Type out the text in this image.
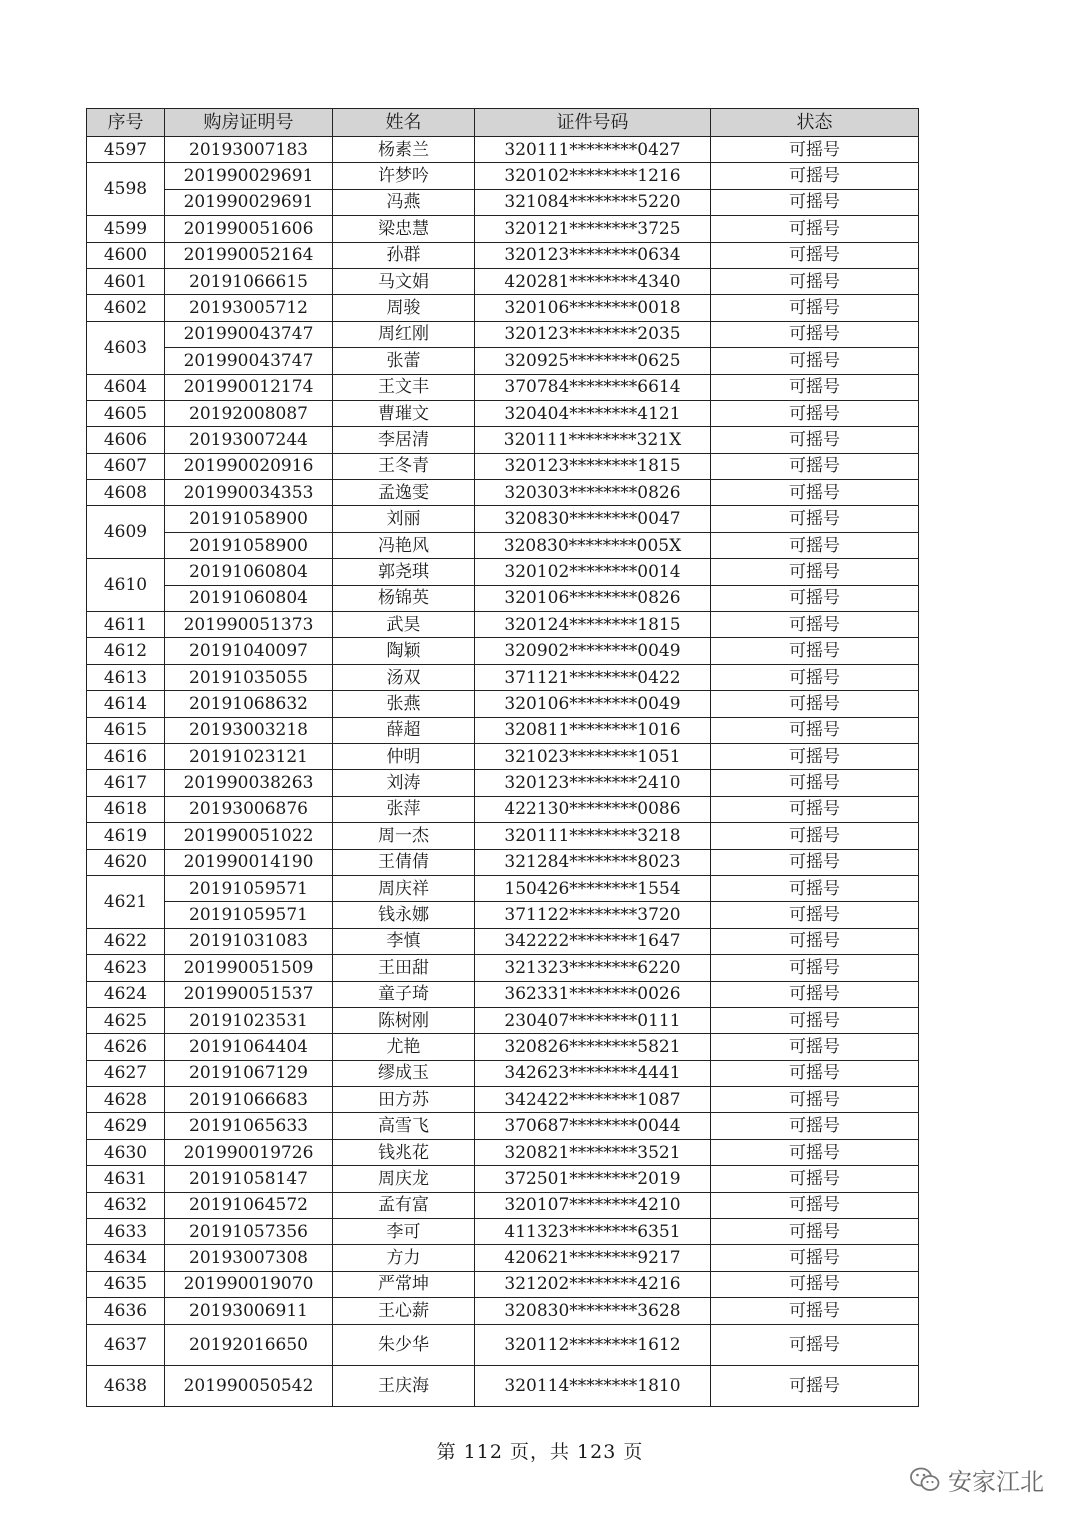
序号	购房证明号	姓名	证件号码	状态
4597	20193007183	杨素兰	320111********0427	可摇号
4598	201990029691	许梦吟	320102********1216	可摇号
	201990029691	冯燕	321084********5220	可摇号
4599	201990051606	梁忠慧	320121********3725	可摇号
4600	201990052164	孙群	320123********0634	可摇号
4601	20191066615	马文娟	420281********4340	可摇号
4602	20193005712	周骏	320106********0018	可摇号
4603	201990043747	周红刚	320123********2035	可摇号
	201990043747	张蕾	320925********0625	可摇号
4604	201990012174	王文丰	370784********6614	可摇号
4605	20192008087	曹璀文	320404********4121	可摇号
4606	20193007244	李居清	320111********321X	可摇号
4607	201990020916	王冬青	320123********1815	可摇号
4608	201990034353	孟逸雯	320303********0826	可摇号
4609	20191058900	刘丽	320830********0047	可摇号
	20191058900	冯艳风	320830********005X	可摇号
4610	20191060804	郭尧琪	320102********0014	可摇号
	20191060804	杨锦英	320106********0826	可摇号
4611	201990051373	武昊	320124********1815	可摇号
4612	20191040097	陶颖	320902********0049	可摇号
4613	20191035055	汤双	371121********0422	可摇号
4614	20191068632	张燕	320106********0049	可摇号
4615	20193003218	薛超	320811********1016	可摇号
4616	20191023121	仲明	321023********1051	可摇号
4617	201990038263	刘涛	320123********2410	可摇号
4618	20193006876	张萍	422130********0086	可摇号
4619	201990051022	周一杰	320111********3218	可摇号
4620	201990014190	王倩倩	321284********8023	可摇号
4621	20191059571	周庆祥	150426********1554	可摇号
	20191059571	钱永娜	371122********3720	可摇号
4622	20191031083	李慎	342222********1647	可摇号
4623	201990051509	王田甜	321323********6220	可摇号
4624	201990051537	童子琦	362331********0026	可摇号
4625	20191023531	陈树刚	230407********0111	可摇号
4626	20191064404	尤艳	320826********5821	可摇号
4627	20191067129	缪成玉	342623********4441	可摇号
4628	20191066683	田方苏	342422********1087	可摇号
4629	20191065633	高雪飞	370687********0044	可摇号
4630	201990019726	钱兆花	320821********3521	可摇号
4631	20191058147	周庆龙	372501********2019	可摇号
4632	20191064572	孟有富	320107********4210	可摇号
4633	20191057356	李可	411323********6351	可摇号
4634	20193007308	方力	420621********9217	可摇号
4635	201990019070	严常坤	321202********4216	可摇号
4636	20193006911	王心薪	320830********3628	可摇号
4637	20192016650	朱少华	320112********1612	可摇号
4638	201990050542	王庆海	320114********1810	可摇号
第 112 页，共 123 页
安家江北
